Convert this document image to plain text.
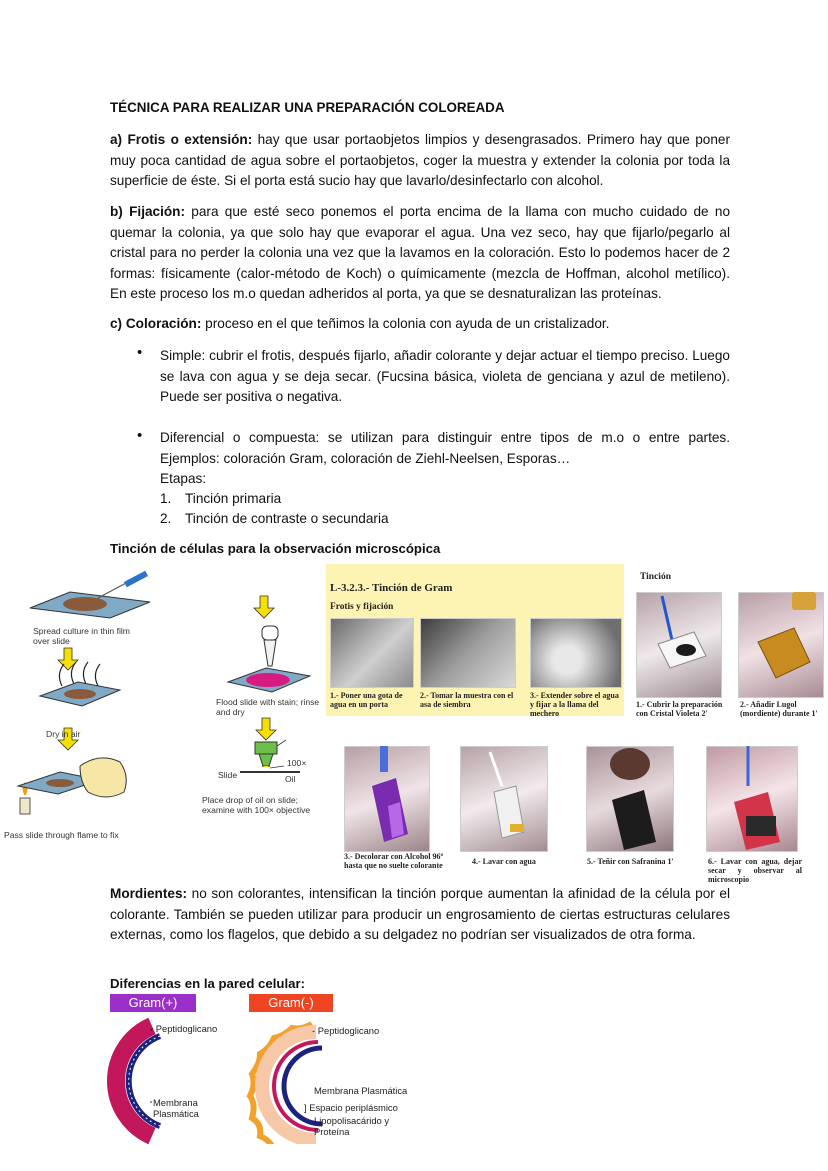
TÉCNICA PARA REALIZAR UNA PREPARACIÓN COLOREADA
a) Frotis o extensión: hay que usar portaobjetos limpios y desengrasados. Primero hay que poner muy poca cantidad de agua sobre el portaobjetos, coger la muestra y extender la colonia por toda la superficie de éste. Si el porta está sucio hay que lavarlo/desinfectarlo con alcohol.
b) Fijación: para que esté seco ponemos el porta encima de la llama con mucho cuidado de no quemar la colonia, ya que solo hay que evaporar el agua. Una vez seco, hay que fijarlo/pegarlo al cristal para no perder la colonia una vez que la lavamos en la coloración. Esto lo podemos hacer de 2 formas: físicamente (calor-método de Koch) o químicamente (mezcla de Hoffman, alcohol metílico). En este proceso los m.o quedan adheridos al porta, ya que se desnaturalizan las proteínas.
c) Coloración: proceso en el que teñimos la colonia con ayuda de un cristalizador.
• Simple: cubrir el frotis, después fijarlo, añadir colorante y dejar actuar el tiempo preciso. Luego se lava con agua y se deja secar. (Fucsina básica, violeta de genciana y azul de metileno). Puede ser positiva o negativa.
• Diferencial o compuesta: se utilizan para distinguir entre tipos de m.o o entre partes. Ejemplos: coloración Gram, coloración de Ziehl-Neelsen, Esporas…
Etapas:
1. Tinción primaria
2. Tinción de contraste o secundaria
Tinción de células para la observación microscópica
Spread culture in thin film over slide
Dry in air
Pass slide through flame to fix
Flood slide with stain; rinse and dry
100×
Slide	Oil
Place drop of oil on slide; examine with 100× objective
L-3.2.3.- Tinción de Gram
Frotis y fijación
1.- Poner una gota de agua en un porta
2.- Tomar la muestra con el asa de siembra
3.- Extender sobre el agua y fijar a la llama del mechero
Tinción
1.- Cubrir la preparación con Cristal Violeta 2'
2.- Añadir Lugol (mordiente) durante 1'
3.- Decolorar con Alcohol 96º hasta que no suelte colorante	4.- Lavar con agua	5.- Teñir con Safranina 1'	6.- Lavar con agua, dejar secar y observar al microscopio
Mordientes: no son colorantes, intensifican la tinción porque aumentan la afinidad de la célula por el colorante. También se pueden utilizar para producir un engrosamiento de ciertas estructuras celulares externas, como los flagelos, que debido a su delgadez no podrían ser visualizados de otra forma.
Diferencias en la pared celular:
Gram(+)	Gram(-)
- Peptidoglicano
Membrana Plasmática
- Peptidoglicano
Membrana Plasmática
] Espacio periplásmico
Lipopolisacárido y Proteína
